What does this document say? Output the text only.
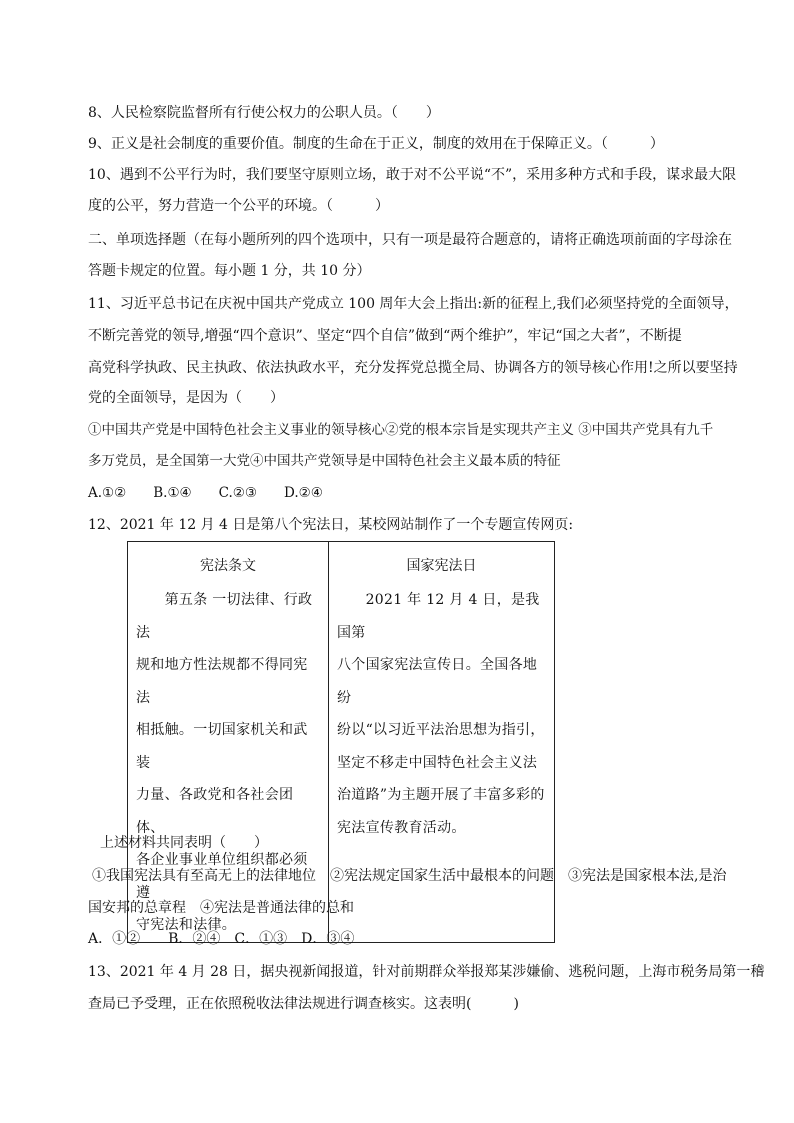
8、人民检察院监督所有行使公权力的公职人员。（　　）
9、正义是社会制度的重要价值。制度的生命在于正义，制度的效用在于保障正义。（　　　）
10、遇到不公平行为时，我们要坚守原则立场，敢于对不公平说“不”，采用多种方式和手段，谋求最大限
度的公平，努力营造一个公平的环境。（　　　）
二、单项选择题（在每小题所列的四个选项中，只有一项是最符合题意的，请将正确选项前面的字母涂在
答题卡规定的位置。每小题 1 分，共 10 分）
11、习近平总书记在庆祝中国共产党成立 100 周年大会上指出:新的征程上,我们必须坚持党的全面领导，
不断完善党的领导,增强“四个意识”、坚定“四个自信”做到“两个维护”，牢记“国之大者”，不断提
高党科学执政、民主执政、依法执政水平，充分发挥党总揽全局、协调各方的领导核心作用!之所以要坚持
党的全面领导，是因为（　　）
①中国共产党是中国特色社会主义事业的领导核心②党的根本宗旨是实现共产主义 ③中国共产党具有九千
多万党员，是全国第一大党④中国共产党领导是中国特色社会主义最本质的特征
A.①②　　B.①④　　C.②③　　D.②④
12、2021 年 12 月 4 日是第八个宪法日，某校网站制作了一个专题宣传网页:
宪法条文
　　第五条 一切法律、行政法
规和地方性法规都不得同宪法
相抵触。一切国家机关和武装
力量、各政党和各社会团体、
各企业事业单位组织都必须遵
守宪法和法律。

国家宪法日
　　2021 年 12 月 4 日，是我国第
八个国家宪法宣传日。全国各地纷
纷以“以习近平法治思想为指引，
坚定不移走中国特色社会主义法
治道路”为主题开展了丰富多彩的
宪法宣传教育活动。
上述材料共同表明（　　）
①我国宪法具有至高无上的法律地位　②宪法规定国家生活中最根本的问题　③宪法是国家根本法,是治
国安邦的总章程　④宪法是普通法律的总和
A．①②　　B．②④　C．①③　D．③④
13、2021 年 4 月 28 日，据央视新闻报道，针对前期群众举报郑某涉嫌偷、逃税问题，上海市税务局第一稽
查局已予受理，正在依照税收法律法规进行调查核实。这表明(　　　)
